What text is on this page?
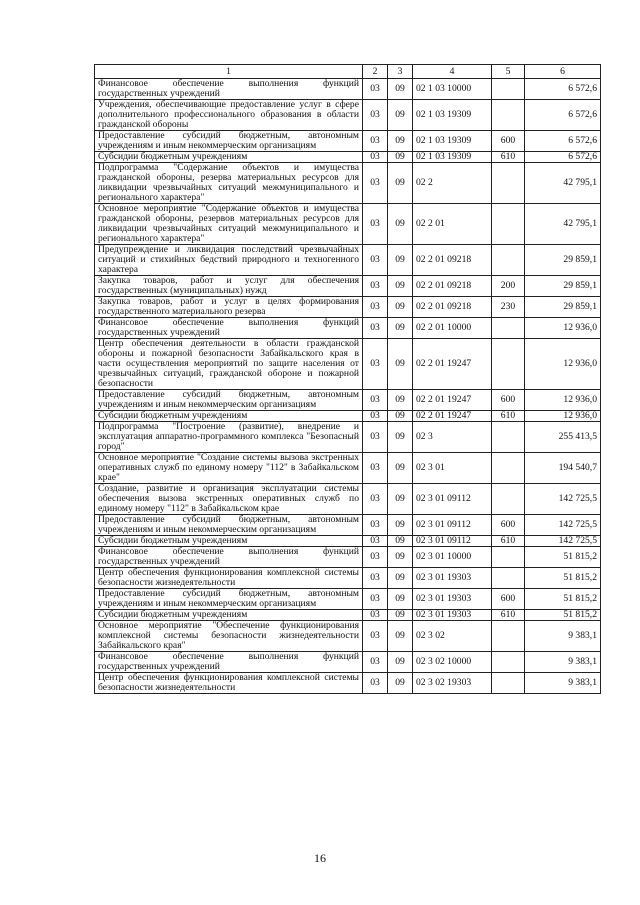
1	2	3	4	5	6
Финансовое обеспечение выполнения функций государственных учреждений	03	09	02 1 03 10000		6 572,6
Учреждения, обеспечивающие предоставление услуг в сфере дополнительного профессионального образования в области гражданской обороны	03	09	02 1 03 19309		6 572,6
Предоставление субсидий бюджетным, автономным учреждениям и иным некоммерческим организациям	03	09	02 1 03 19309	600	6 572,6
Субсидии бюджетным учреждениям	03	09	02 1 03 19309	610	6 572,6
Подпрограмма "Содержание объектов и имущества гражданской обороны, резерва материальных ресурсов для ликвидации чрезвычайных ситуаций межмуниципального и регионального характера"	03	09	02 2		42 795,1
Основное мероприятие "Содержание объектов и имущества гражданской обороны, резервов материальных ресурсов для ликвидации чрезвычайных ситуаций межмуниципального и регионального характера"	03	09	02 2 01		42 795,1
Предупреждение и ликвидация последствий чрезвычайных ситуаций и стихийных бедствий природного и техногенного характера	03	09	02 2 01 09218		29 859,1
Закупка товаров, работ и услуг для обеспечения государственных (муниципальных) нужд	03	09	02 2 01 09218	200	29 859,1
Закупка товаров, работ и услуг в целях формирования государственного материального резерва	03	09	02 2 01 09218	230	29 859,1
Финансовое обеспечение выполнения функций государственных учреждений	03	09	02 2 01 10000		12 936,0
Центр обеспечения деятельности в области гражданской обороны и пожарной безопасности Забайкальского края в части осуществления мероприятий по защите населения от чрезвычайных ситуаций, гражданской обороне и пожарной безопасности	03	09	02 2 01 19247		12 936,0
Предоставление субсидий бюджетным, автономным учреждениям и иным некоммерческим организациям	03	09	02 2 01 19247	600	12 936,0
Субсидии бюджетным учреждениям	03	09	02 2 01 19247	610	12 936,0
Подпрограмма "Построение (развитие), внедрение и эксплуатация аппаратно-программного комплекса "Безопасный город"	03	09	02 3		255 413,5
Основное мероприятие "Создание системы вызова экстренных оперативных служб по единому номеру "112" в Забайкальском крае"	03	09	02 3 01		194 540,7
Создание, развитие и организация эксплуатации системы обеспечения вызова экстренных оперативных служб по единому номеру "112" в Забайкальском крае	03	09	02 3 01 09112		142 725,5
Предоставление субсидий бюджетным, автономным учреждениям и иным некоммерческим организациям	03	09	02 3 01 09112	600	142 725,5
Субсидии бюджетным учреждениям	03	09	02 3 01 09112	610	142 725,5
Финансовое обеспечение выполнения функций государственных учреждений	03	09	02 3 01 10000		51 815,2
Центр обеспечения функционирования комплексной системы безопасности жизнедеятельности	03	09	02 3 01 19303		51 815,2
Предоставление субсидий бюджетным, автономным учреждениям и иным некоммерческим организациям	03	09	02 3 01 19303	600	51 815,2
Субсидии бюджетным учреждениям	03	09	02 3 01 19303	610	51 815,2
Основное мероприятие "Обеспечение функционирования комплексной системы безопасности жизнедеятельности Забайкальского края"	03	09	02 3 02		9 383,1
Финансовое обеспечение выполнения функций государственных учреждений	03	09	02 3 02 10000		9 383,1
Центр обеспечения функционирования комплексной системы безопасности жизнедеятельности	03	09	02 3 02 19303		9 383,1
16
